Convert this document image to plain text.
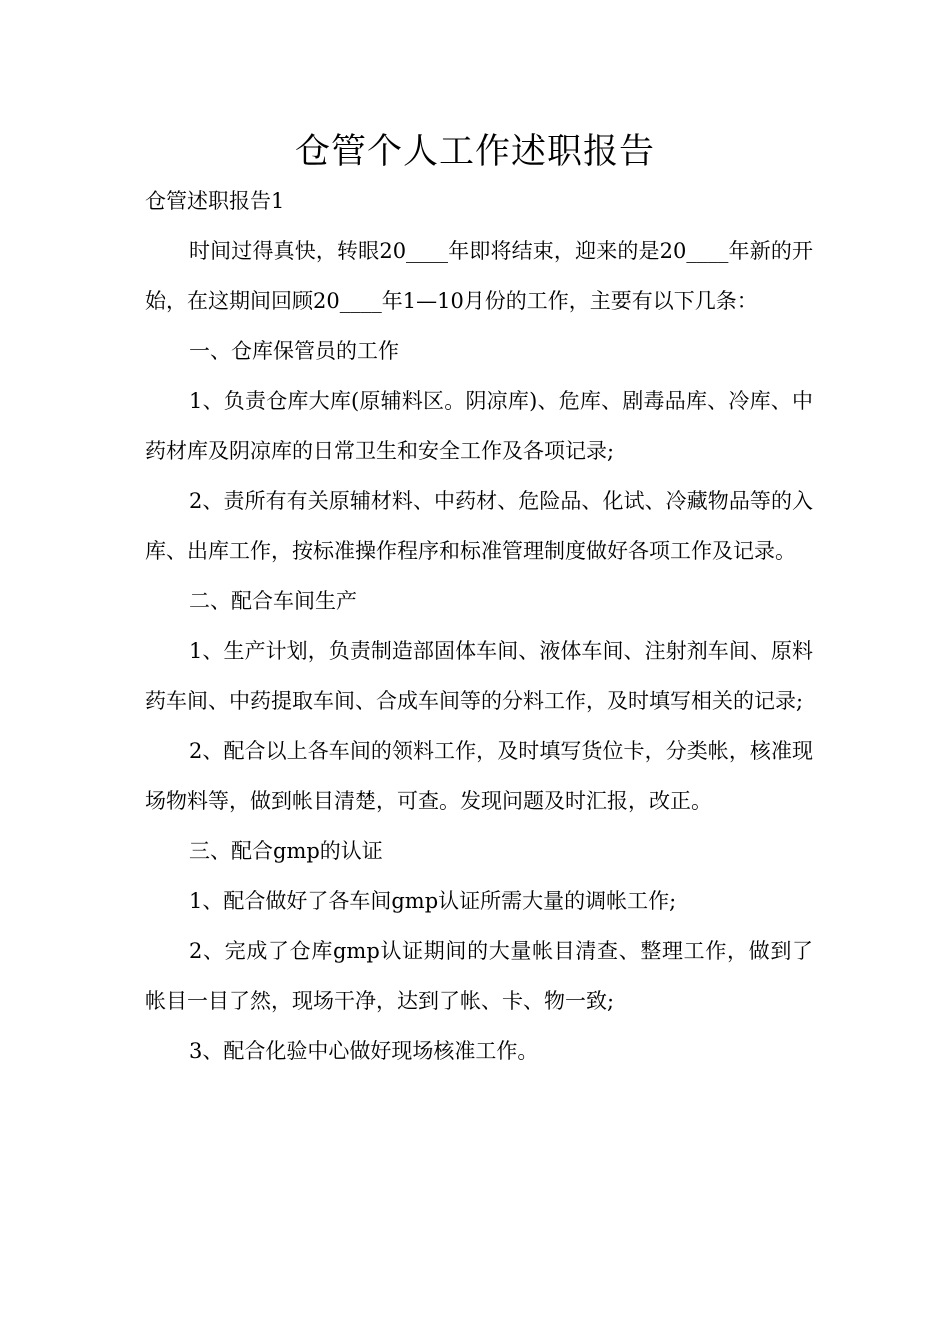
仓管个人工作述职报告

仓管述职报告1

时间过得真快，转眼20____年即将结束，迎来的是20____年新的开始，在这期间回顾20____年1—10月份的工作，主要有以下几条：

一、仓库保管员的工作

1、负责仓库大库(原辅料区。阴凉库)、危库、剧毒品库、冷库、中药材库及阴凉库的日常卫生和安全工作及各项记录;

2、责所有有关原辅材料、中药材、危险品、化试、冷藏物品等的入库、出库工作，按标准操作程序和标准管理制度做好各项工作及记录。

二、配合车间生产

1、生产计划，负责制造部固体车间、液体车间、注射剂车间、原料药车间、中药提取车间、合成车间等的分料工作，及时填写相关的记录;

2、配合以上各车间的领料工作，及时填写货位卡，分类帐，核准现场物料等，做到帐目清楚，可查。发现问题及时汇报，改正。

三、配合gmp的认证

1、配合做好了各车间gmp认证所需大量的调帐工作;

2、完成了仓库gmp认证期间的大量帐目清查、整理工作，做到了帐目一目了然，现场干净，达到了帐、卡、物一致;

3、配合化验中心做好现场核准工作。
